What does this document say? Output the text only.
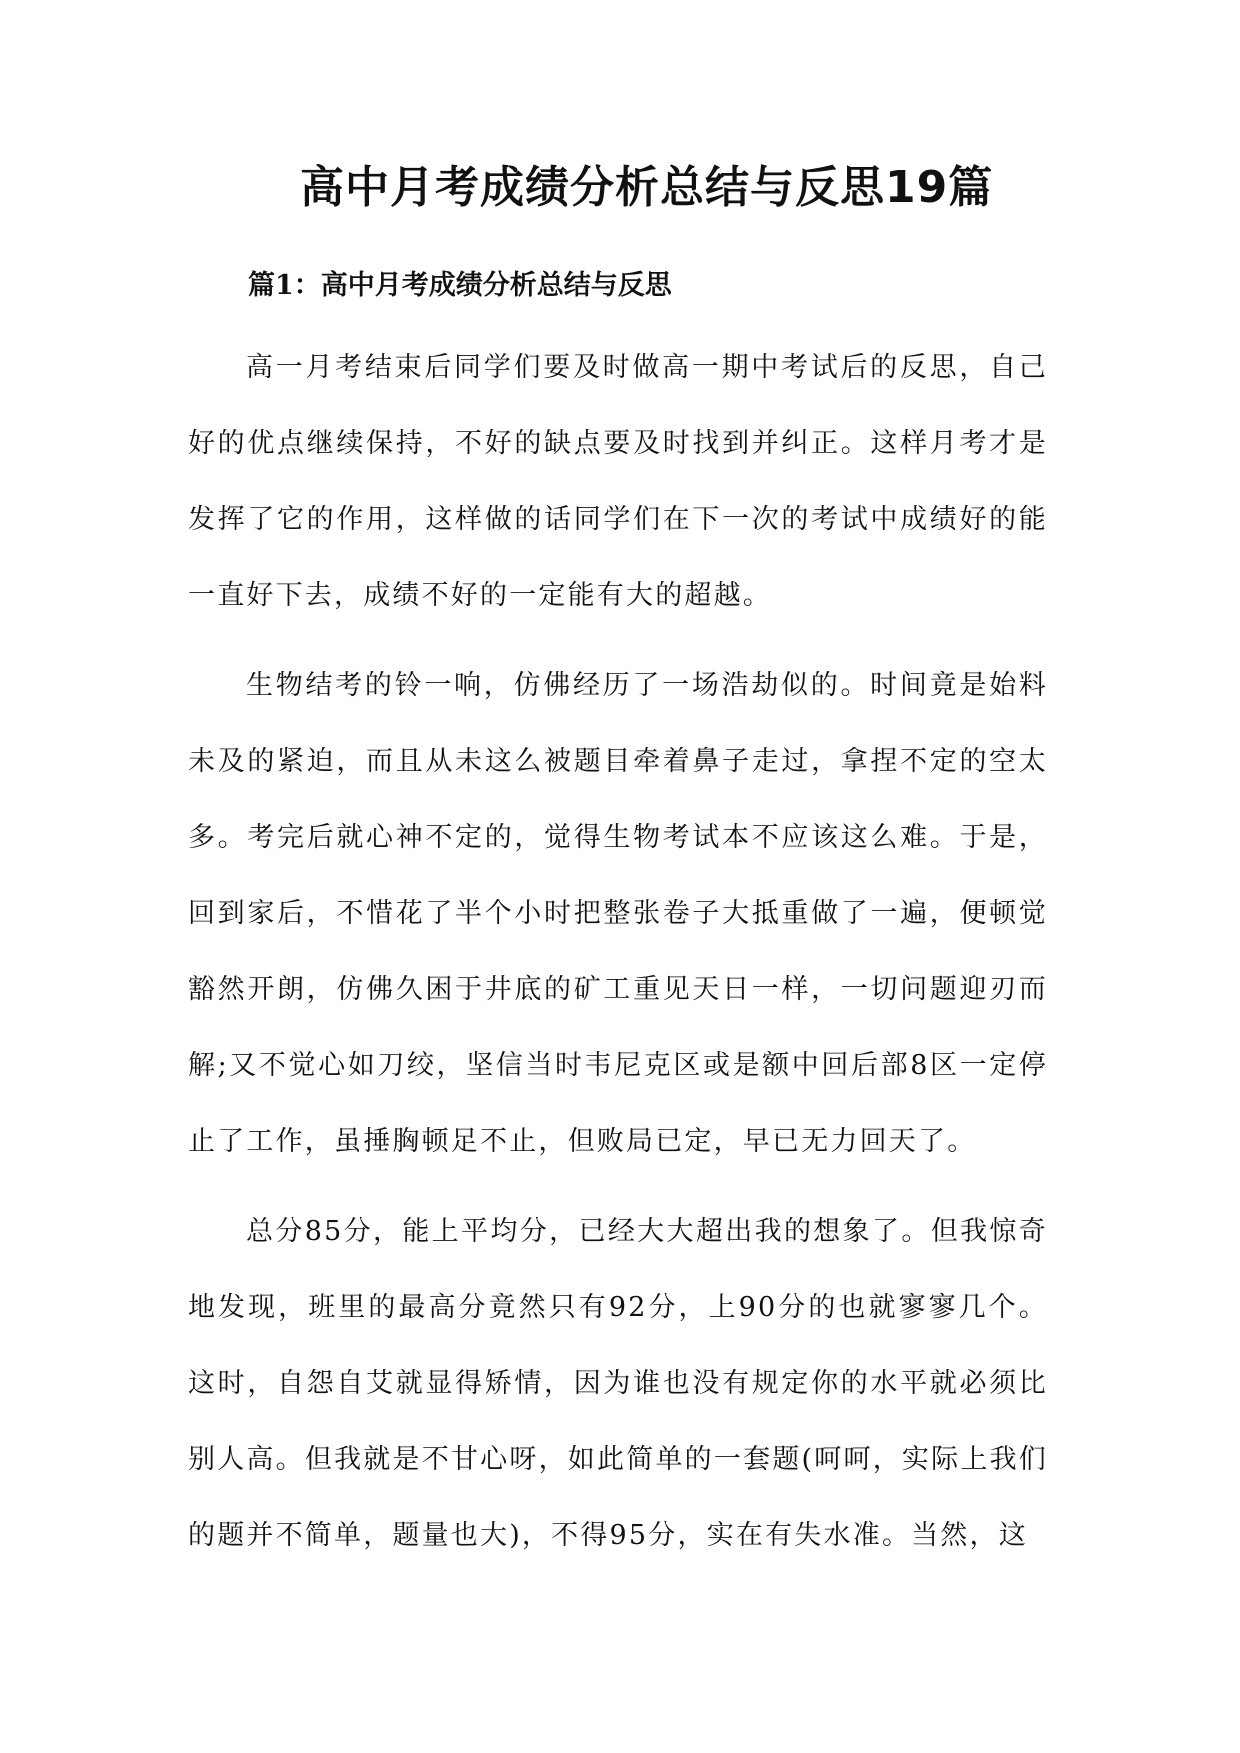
高中月考成绩分析总结与反思19篇
篇1：高中月考成绩分析总结与反思

高一月考结束后同学们要及时做高一期中考试后的反思，自己好的优点继续保持，不好的缺点要及时找到并纠正。这样月考才是发挥了它的作用，这样做的话同学们在下一次的考试中成绩好的能一直好下去，成绩不好的一定能有大的超越。

生物结考的铃一响，仿佛经历了一场浩劫似的。时间竟是始料未及的紧迫，而且从未这么被题目牵着鼻子走过，拿捏不定的空太多。考完后就心神不定的，觉得生物考试本不应该这么难。于是，回到家后，不惜花了半个小时把整张卷子大抵重做了一遍，便顿觉豁然开朗，仿佛久困于井底的矿工重见天日一样，一切问题迎刃而解;又不觉心如刀绞，坚信当时韦尼克区或是额中回后部8区一定停止了工作，虽捶胸顿足不止，但败局已定，早已无力回天了。

总分85分，能上平均分，已经大大超出我的想象了。但我惊奇地发现，班里的最高分竟然只有92分，上90分的也就寥寥几个。这时，自怨自艾就显得矫情，因为谁也没有规定你的水平就必须比别人高。但我就是不甘心呀，如此简单的一套题(呵呵，实际上我们的题并不简单，题量也大)，不得95分，实在有失水准。当然，这
